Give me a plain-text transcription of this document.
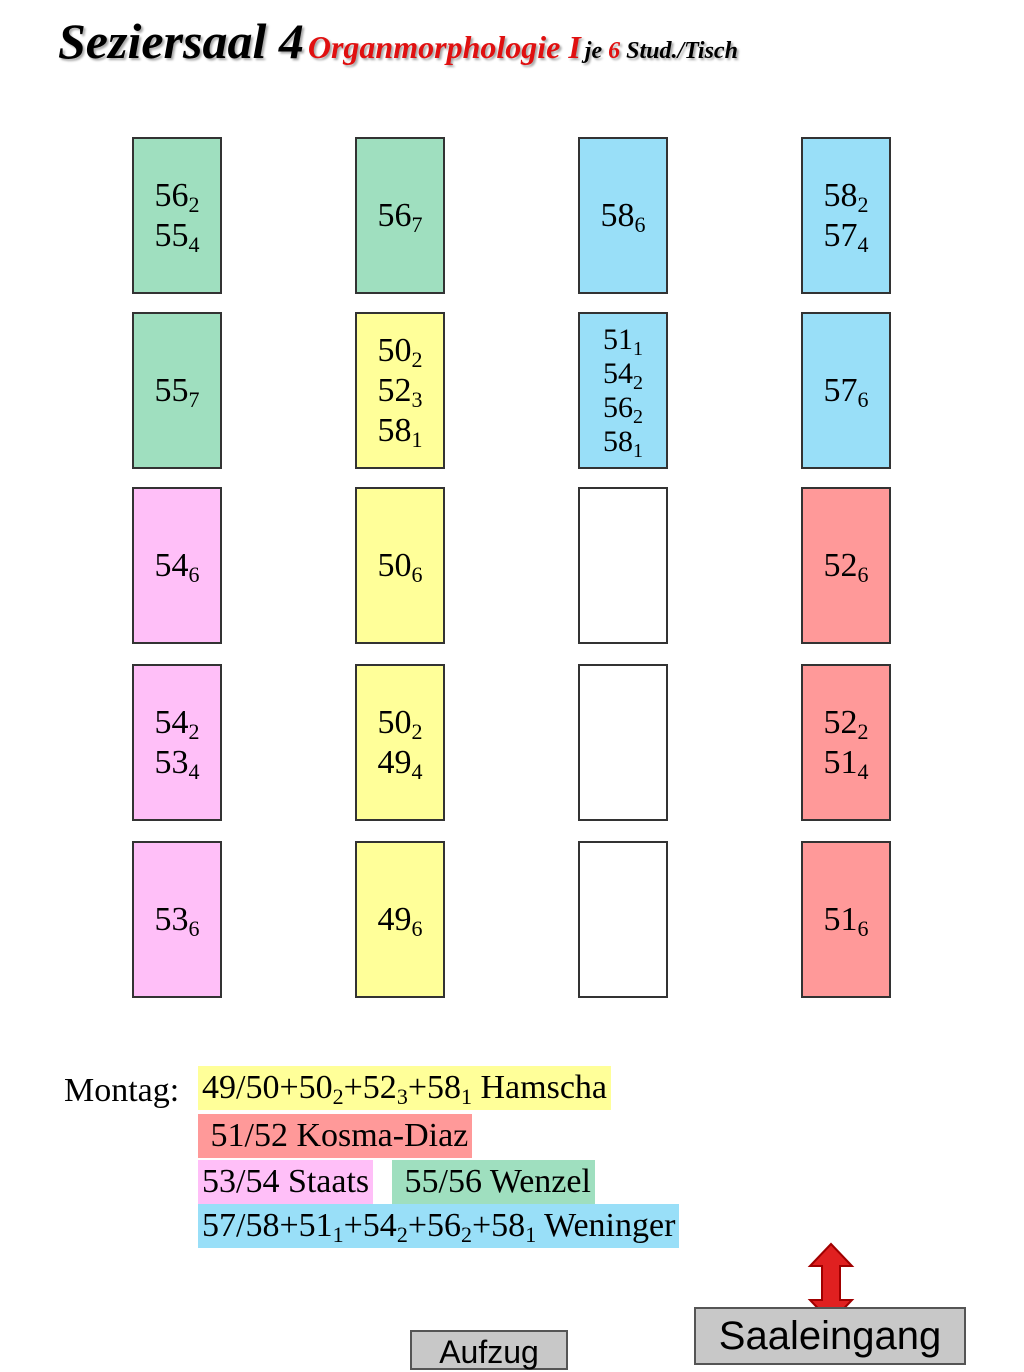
Seziersaal 4 Organmorphologie I je 6 Stud./Tisch
$56_2$
$55_4$
$56_7$	$58_6$
$58_2$
$57_4$
$55_7$
$50_2$
$52_3$
$58_1$
$51_1$
$54_2$
$56_2$
$58_1$
$57_6$
$54_6$	$50_6$	$52_6$
$54_2$
$53_4$
$50_2$
$49_4$
$52_2$
$51_4$
$53_6$	$49_6$	$51_6$
Montag: $49/50+50_2+52_3+58_1$ Hamscha
51/52 Kosma-Diaz
53/54 Staats 55/56 Wenzel
$57/58+51_1+54_2+56_2+58_1$ Weninger
Saaleingang
Aufzug
